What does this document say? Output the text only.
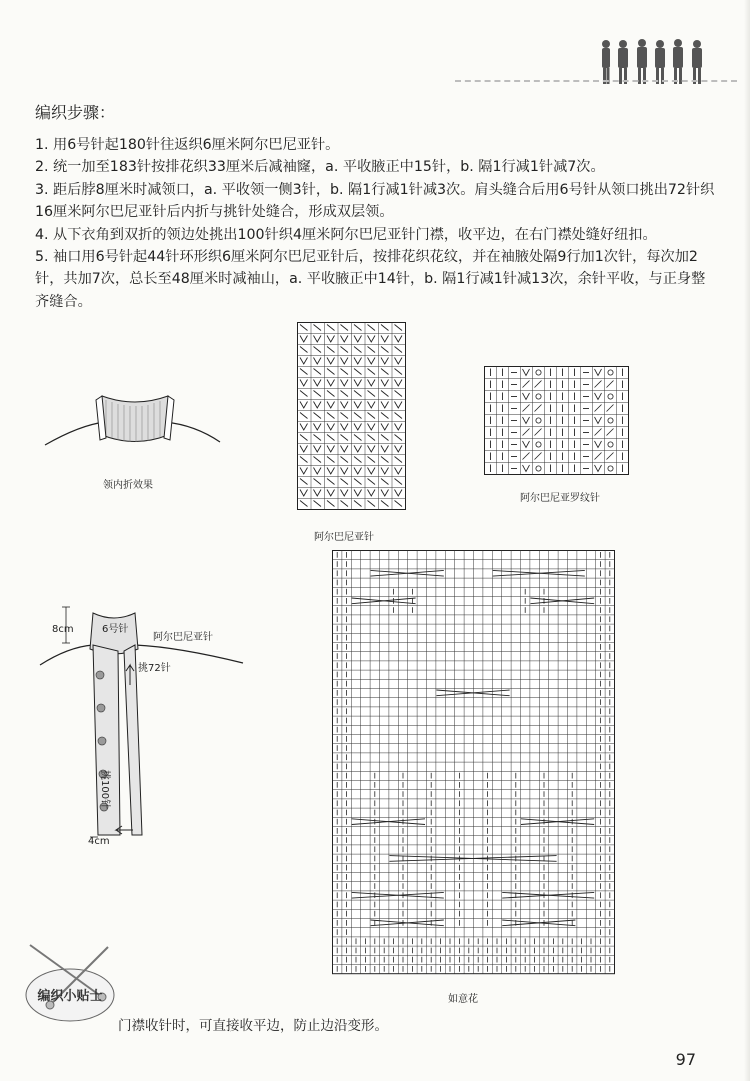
编织步骤：

1. 用6号针起180针往返织6厘米阿尔巴尼亚针。

2. 统一加至183针按排花织33厘米后减袖窿，a. 平收腋正中15针，b. 隔1行减1针减7次。

3. 距后脖8厘米时减领口，a. 平收领一侧3针，b. 隔1行减1针减3次。肩头缝合后用6号针从领口挑出72针织16厘米阿尔巴尼亚针后内折与挑针处缝合，形成双层领。

4. 从下衣角到双折的领边处挑出100针织4厘米阿尔巴尼亚针门襟，收平边，在右门襟处缝好纽扣。

5. 袖口用6号针起44针环形织6厘米阿尔巴尼亚针后，按排花织花纹，并在袖腋处隔9行加1次针，每次加2针，共加7次，总长至48厘米时减袖山，a. 平收腋正中14针，b. 隔1行减1针减13次，余针平收，与正身整齐缝合。

领内折效果
阿尔巴尼亚针
阿尔巴尼亚罗纹针
8cm	6号针
阿尔巴尼亚针
挑72针
挑100针
4cm
如意花
编织小贴士
门襟收针时，可直接收平边，防止边沿变形。
97
